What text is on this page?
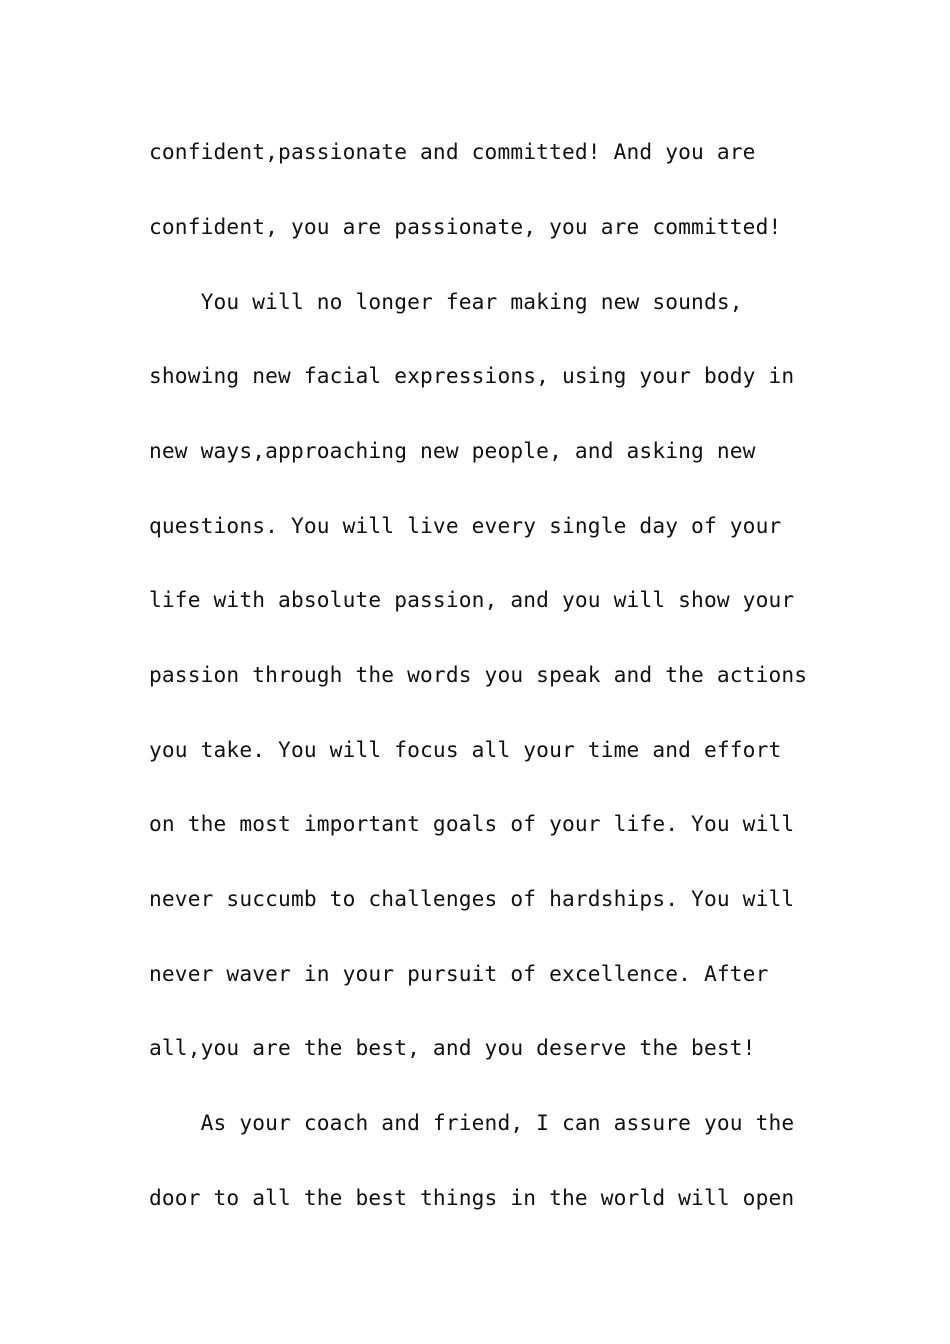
confident,passionate and committed! And you are
confident, you are passionate, you are committed!
You will no longer fear making new sounds,
showing new facial expressions, using your body in
new ways,approaching new people, and asking new
questions. You will live every single day of your
life with absolute passion, and you will show your
passion through the words you speak and the actions
you take. You will focus all your time and effort
on the most important goals of your life. You will
never succumb to challenges of hardships. You will
never waver in your pursuit of excellence. After
all,you are the best, and you deserve the best!
As your coach and friend, I can assure you the
door to all the best things in the world will open
